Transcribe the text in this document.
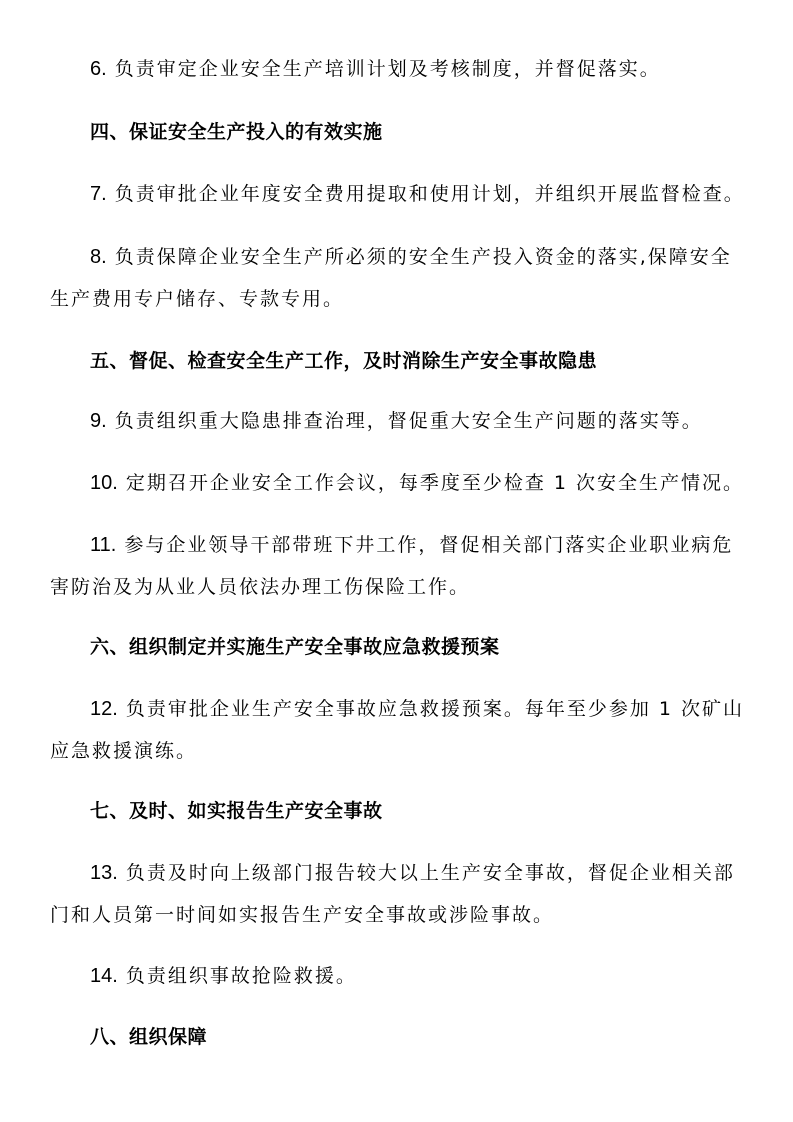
6. 负责审定企业安全生产培训计划及考核制度，并督促落实。
四、保证安全生产投入的有效实施
7. 负责审批企业年度安全费用提取和使用计划，并组织开展监督检查。
8. 负责保障企业安全生产所必须的安全生产投入资金的落实,保障安全生产费用专户储存、专款专用。
五、督促、检查安全生产工作，及时消除生产安全事故隐患
9. 负责组织重大隐患排查治理，督促重大安全生产问题的落实等。
10. 定期召开企业安全工作会议，每季度至少检查 1 次安全生产情况。
11. 参与企业领导干部带班下井工作，督促相关部门落实企业职业病危害防治及为从业人员依法办理工伤保险工作。
六、组织制定并实施生产安全事故应急救援预案
12. 负责审批企业生产安全事故应急救援预案。每年至少参加 1 次矿山应急救援演练。
七、及时、如实报告生产安全事故
13. 负责及时向上级部门报告较大以上生产安全事故，督促企业相关部门和人员第一时间如实报告生产安全事故或涉险事故。
14. 负责组织事故抢险救援。
八、组织保障
